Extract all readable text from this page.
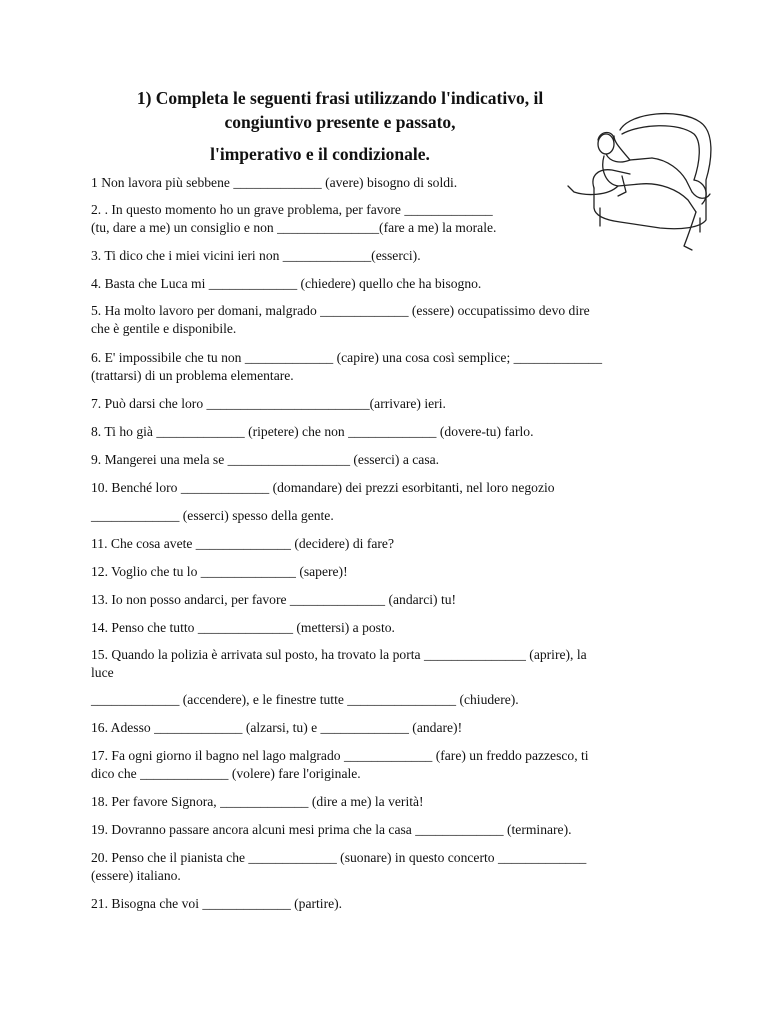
1) Completa le seguenti frasi utilizzando l'indicativo, il
congiuntivo presente e passato,
l'imperativo e il condizionale.
1 Non lavora più sebbene _____________ (avere) bisogno di soldi.
2. . In questo momento ho un grave problema, per favore _____________
(tu, dare a me) un consiglio e non _______________(fare a me) la morale.
3. Ti dico che i miei vicini ieri non _____________(esserci).
4. Basta che Luca mi _____________ (chiedere) quello che ha bisogno.
5. Ha molto lavoro per domani, malgrado _____________ (essere) occupatissimo devo dire
che è gentile e disponibile.
6. E' impossibile che tu non _____________ (capire) una cosa così semplice; _____________
(trattarsi) di un problema elementare.
7. Può darsi che loro ________________________(arrivare) ieri.
8. Ti ho già _____________ (ripetere) che non _____________ (dovere-tu) farlo.
9. Mangerei una mela se __________________ (esserci) a casa.
10. Benché loro _____________ (domandare) dei prezzi esorbitanti, nel loro negozio
_____________ (esserci) spesso della gente.
11. Che cosa avete ______________ (decidere) di fare?
12. Voglio che tu lo ______________ (sapere)!
13. Io non posso andarci, per favore ______________ (andarci) tu!
14. Penso che tutto ______________ (mettersi) a posto.
15. Quando la polizia è arrivata sul posto, ha trovato la porta _______________ (aprire), la
luce
_____________ (accendere), e le finestre tutte ________________ (chiudere).
16. Adesso _____________ (alzarsi, tu) e _____________ (andare)!
17. Fa ogni giorno il bagno nel lago malgrado _____________ (fare) un freddo pazzesco, ti
dico che _____________ (volere) fare l'originale.
18. Per favore Signora, _____________ (dire a me) la verità!
19. Dovranno passare ancora alcuni mesi prima che la casa _____________ (terminare).
20. Penso che il pianista che _____________ (suonare) in questo concerto _____________
(essere) italiano.
21. Bisogna che voi _____________ (partire).
